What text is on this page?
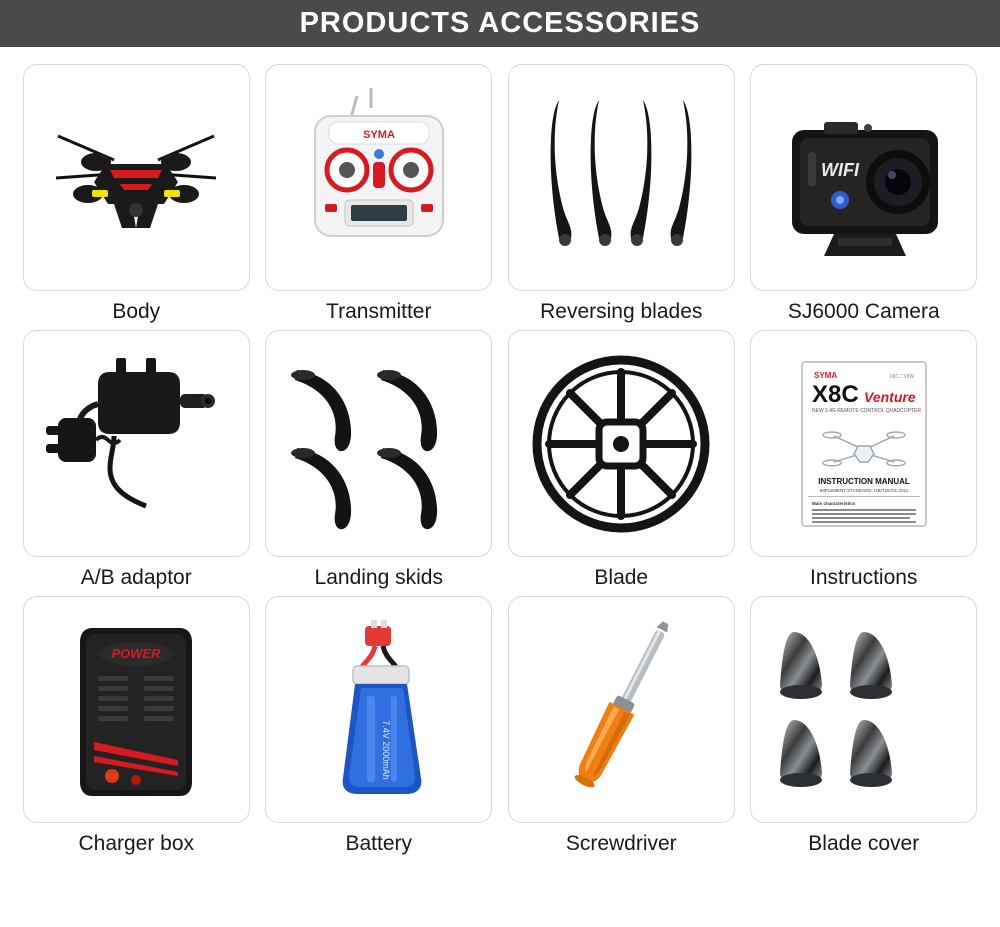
PRODUCTS ACCESSORIES
Body
SYMA
Transmitter	Reversing blades
WIFI
SJ6000 Camera
A/B adaptor	Landing skids	Blade
SYMA	X8C / X8W
X8C Venture
NEW 2.4G REMOTE CONTROL QUADCOPTER
INSTRUCTION MANUAL
IMPLEMENT STANDARD: GB/T26701-2011
Main characteristics
Instructions
POWER
Charger box
7.4V 2000mAh
Battery	Screwdriver	Blade cover
